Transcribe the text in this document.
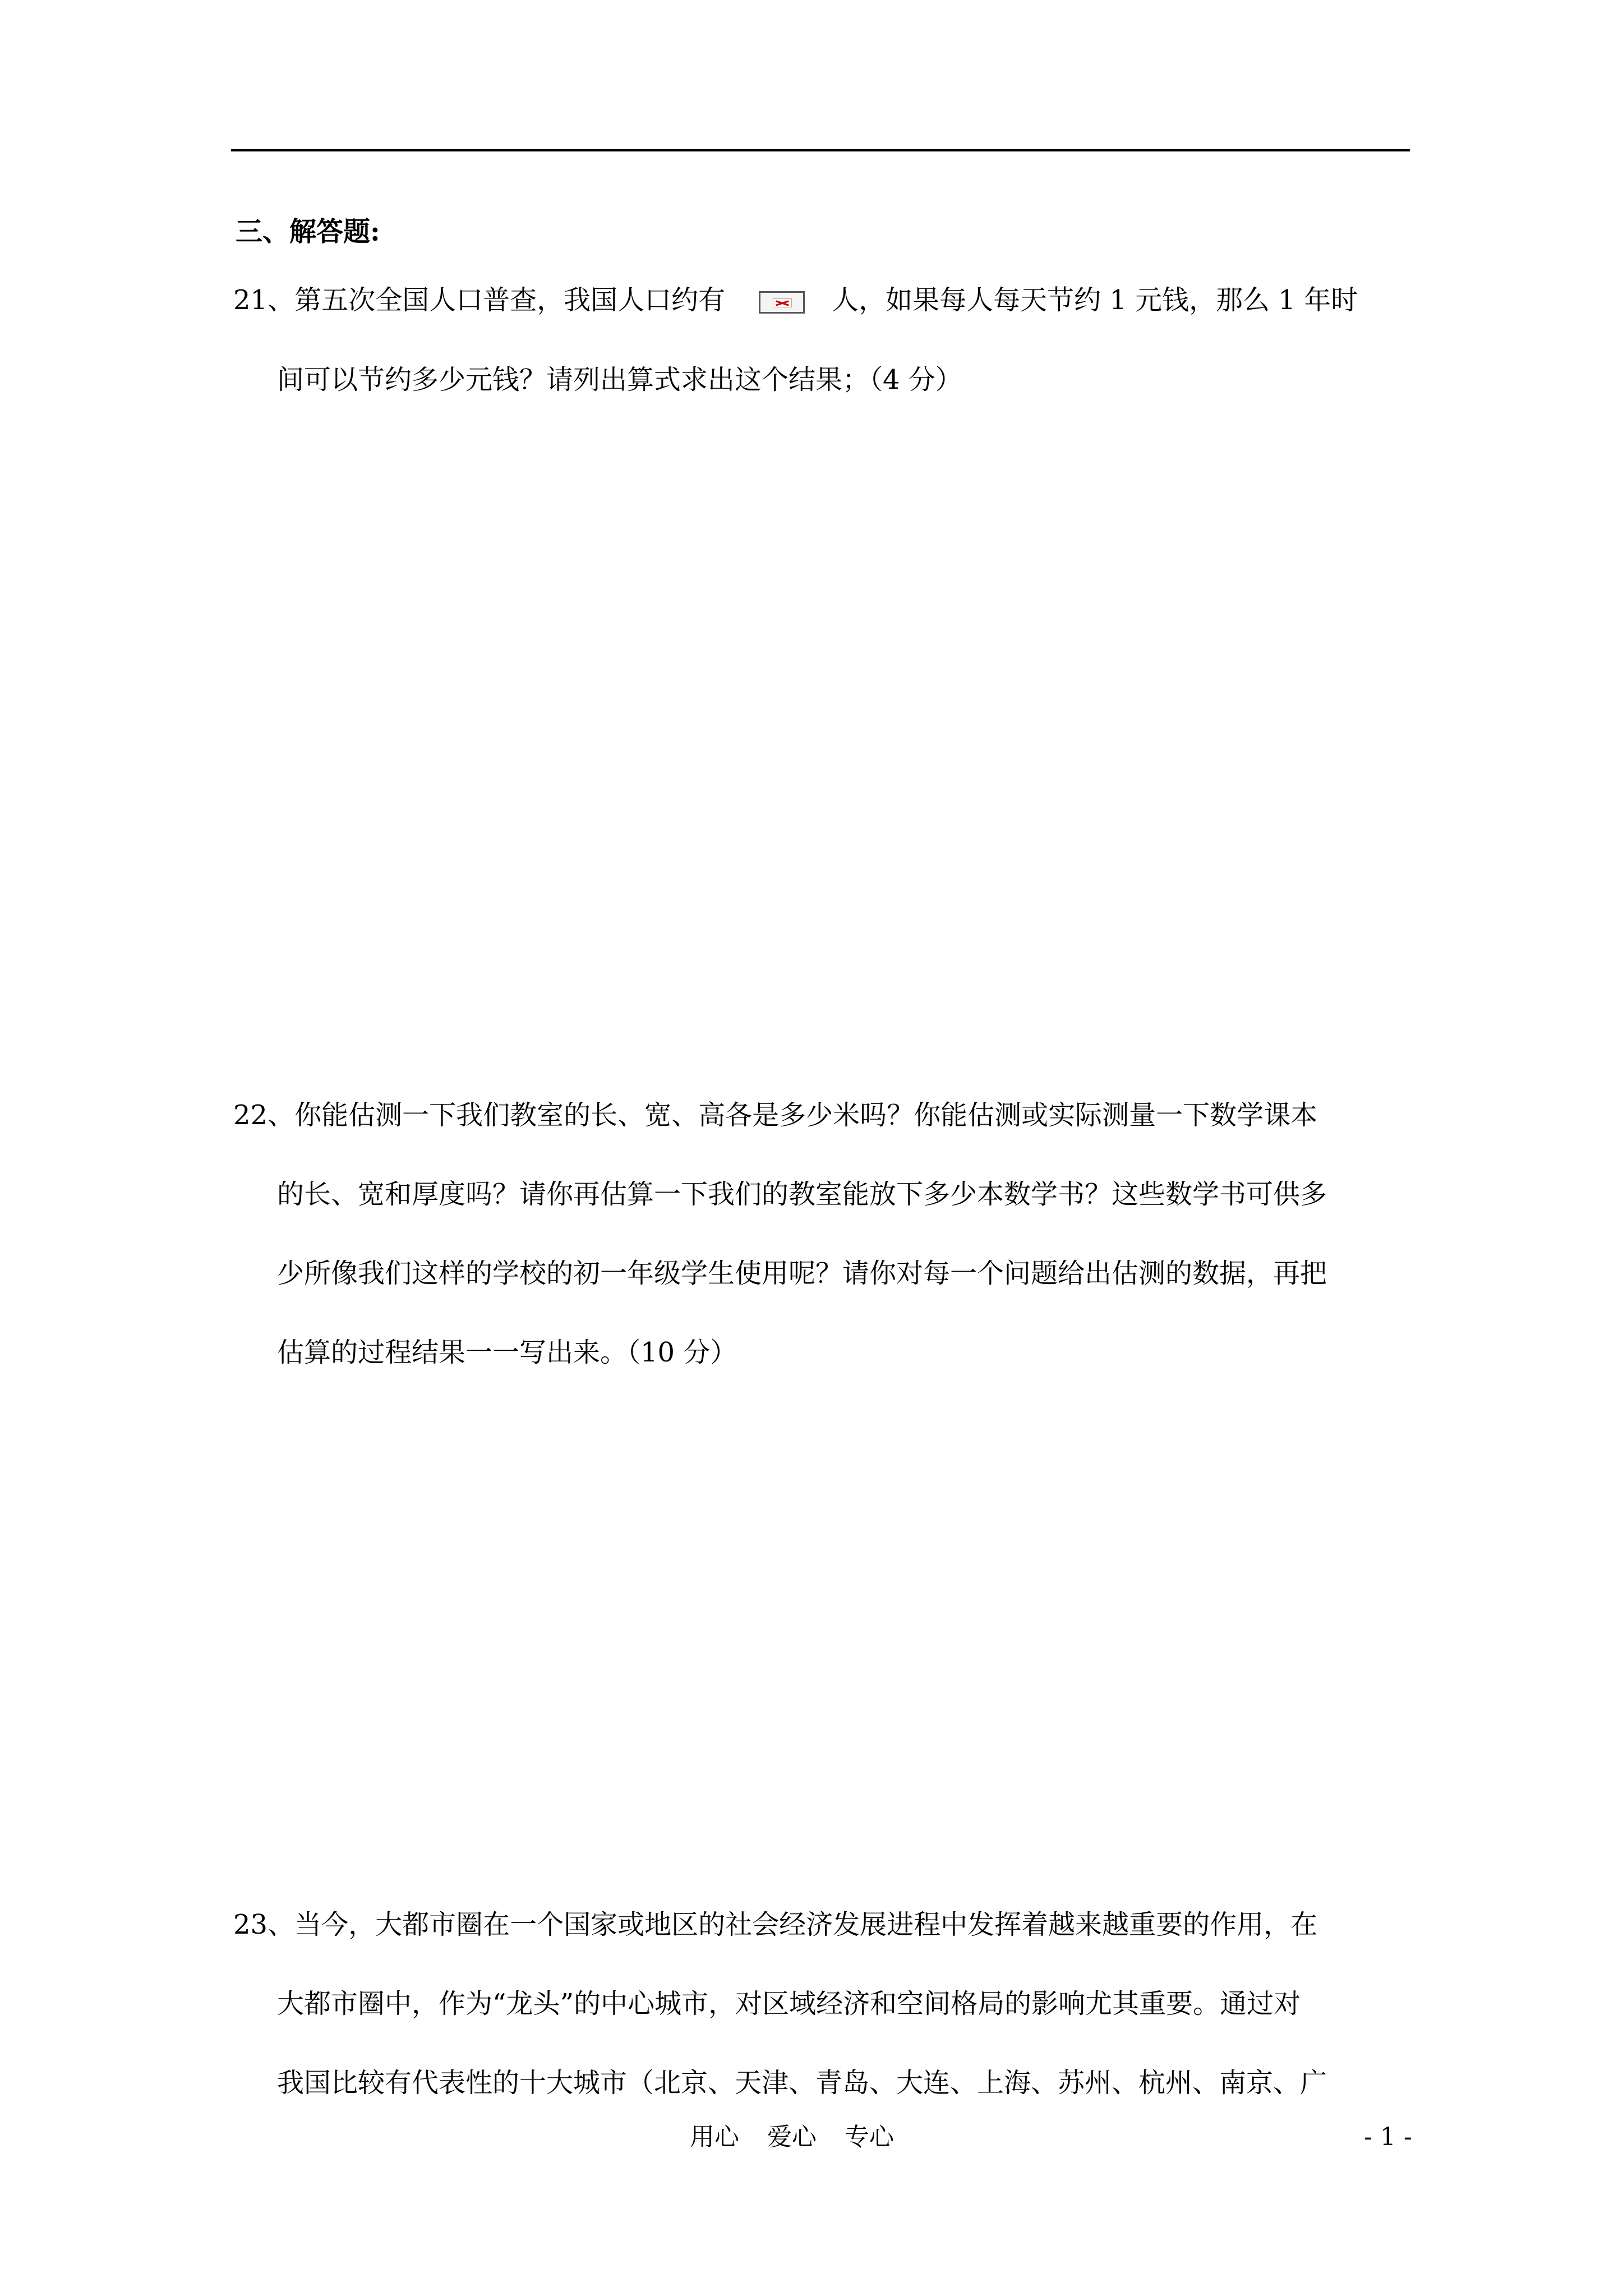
三、解答题:
21、第五次全国人口普查，我国人口约有	人，如果每人每天节约 1 元钱，那么 1 年时
间可以节约多少元钱？请列出算式求出这个结果；（4 分）
22、你能估测一下我们教室的长、宽、高各是多少米吗？你能估测或实际测量一下数学课本
的长、宽和厚度吗？请你再估算一下我们的教室能放下多少本数学书？这些数学书可供多
少所像我们这样的学校的初一年级学生使用呢？请你对每一个问题给出估测的数据，再把
估算的过程结果一一写出来。（10 分）
23、当今，大都市圈在一个国家或地区的社会经济发展进程中发挥着越来越重要的作用，在
大都市圈中，作为“龙头”的中心城市，对区域经济和空间格局的影响尤其重要。通过对
我国比较有代表性的十大城市（北京、天津、青岛、大连、上海、苏州、杭州、南京、广
用心 爱心 专心	- 1 -
